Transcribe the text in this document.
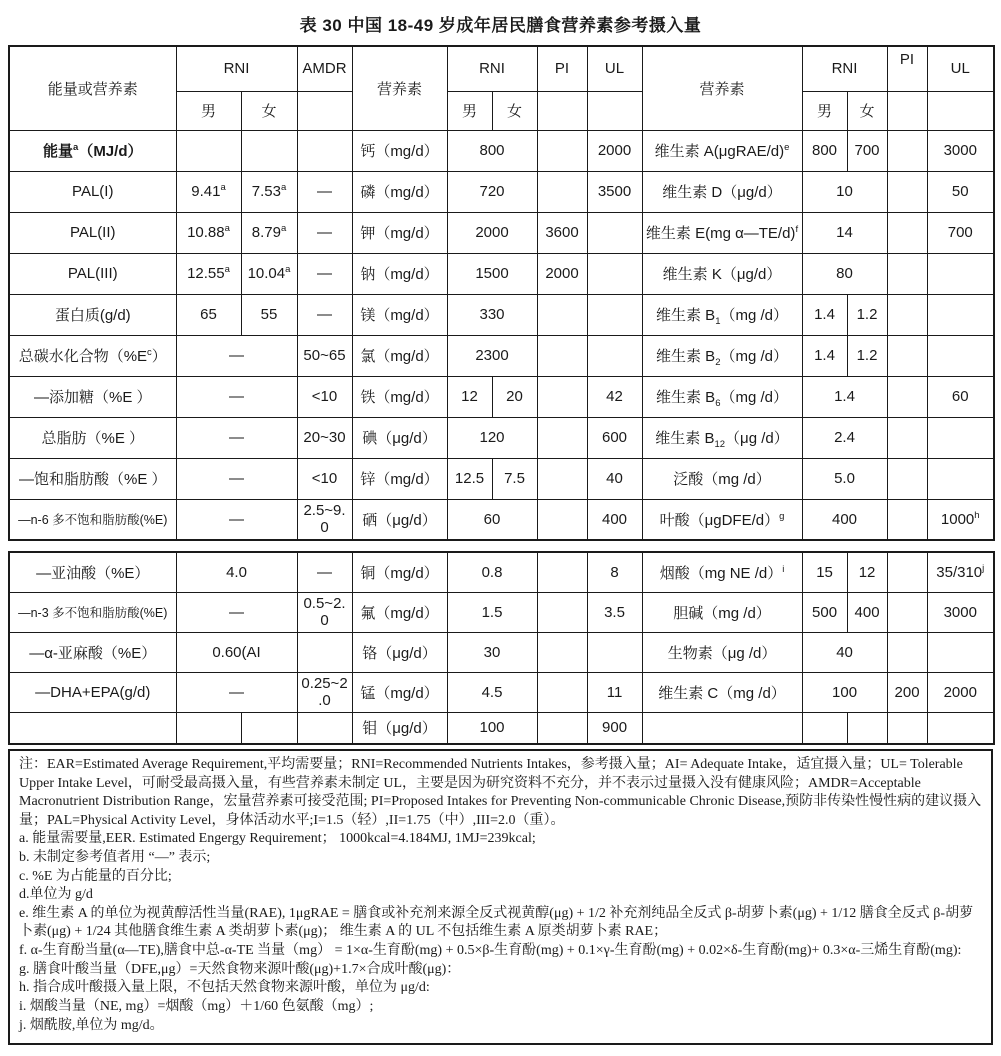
表 30 中国 18-49 岁成年居民膳食营养素参考摄入量
能量或营养素	RNI		AMDR	营养素	RNI		PI	UL	营养素	RNI		PI	UL
	男	女			男	女				男	女		
能量$^a$（MJ/d）				钙（mg/d）	800			2000	维生素 A(μgRAE/d)$^e$	800	700		3000
PAL(I)	9.41$^a$	7.53$^a$	—	磷（mg/d）	720			3500	维生素 D（μg/d）	10			50
PAL(II)	10.88$^a$	8.79$^a$	—	钾（mg/d）	2000		3600		维生素 E(mg α—TE/d)$^f$	14			700
PAL(III)	12.55$^a$	10.04$^a$	—	钠（mg/d）	1500		2000		维生素 K（μg/d）	80			
蛋白质(g/d)	65	55	—	镁（mg/d）	330				维生素 $B_1(mg$ /d）	1.4	1.2		
总碳水化合物$(\%E^c)$	—		50~65	氯（mg/d）	2300				维生素 $B_2(mg$ /d）	1.4	1.2		
—添加糖（%E ）	—		<10	铁（mg/d）	12	20		42	维生素 $B_6(mg$ /d）	1.4			60
总脂肪（%E ）	—		20~30	碘（μg/d）	120			600	维生素 $B_{12}(\mu g$ /d）	2.4			
—饱和脂肪酸（%E ）	—		<10	锌（mg/d）	12.5	7.5		40	泛酸（mg /d）	5.0			
—n-6 多不饱和脂肪酸(%E)	—		2.5~9.0	硒（μg/d）	60			400	叶酸（μgDFE/d）$^g$	400			1000$^h$
—亚油酸（%E）	4.0		—	铜（mg/d）	0.8		8	烟酸（mg NE /d）$^i$	15	12		35/310$^j$
—n-3 多不饱和脂肪酸(%E)	—		0.5~2.0	氟（mg/d）	1.5		3.5	胆碱（mg /d）	500	400		3000
—α-亚麻酸（%E）	0.60(AI			铬（μg/d）	30			生物素（μg /d）	40			
—DHA+EPA(g/d)	—		0.25~2.0	锰（mg/d）	4.5		11	维生素 C（mg /d）	100		200	2000
				钼（μg/d）	100		900					
注：EAR=Estimated Average Requirement,平均需要量；RNI=Recommended Nutrients Intakes，参考摄入量；AI= Adequate Intake，适宜摄入量；UL= Tolerable Upper Intake Level，可耐受最高摄入量，有些营养素未制定 UL，主要是因为研究资料不充分，并不表示过量摄入没有健康风险；AMDR=Acceptable Macronutrient Distribution Range，宏量营养素可接受范围; PI=Proposed Intakes for Preventing Non-communicable Chronic Disease,预防非传染性慢性病的建议摄入量；PAL=Physical Activity Level，身体活动水平;I=1.5（轻）,II=1.75（中）,III=2.0（重）。
a. 能量需要量,EER. Estimated Engergy Requirement； 1000kcal=4.184MJ, 1MJ=239kcal;
b. 未制定参考值者用 “—” 表示;
c. %E 为占能量的百分比;
d.单位为 g/d
e. 维生素 A 的单位为视黄醇活性当量(RAE), 1μgRAE = 膳食或补充剂来源全反式视黄醇(μg) + 1/2 补充剂纯品全反式 β-胡萝卜素(μg) + 1/12 膳食全反式 β-胡萝卜素(μg) + 1/24 其他膳食维生素 A 类胡萝卜素(μg)； 维生素 A 的 UL 不包括维生素 A 原类胡萝卜素 RAE；
f. α-生育酚当量(α—TE),膳食中总-α-TE 当量（mg） = 1×α-生育酚(mg) + 0.5×β-生育酚(mg) + 0.1×γ-生育酚(mg) + 0.02×δ-生育酚(mg)+ 0.3×α-三烯生育酚(mg):
g. 膳食叶酸当量（DFE,μg）=天然食物来源叶酸(μg)+1.7×合成叶酸(μg)：
h. 指合成叶酸摄入量上限，不包括天然食物来源叶酸，单位为 μg/d:
i. 烟酸当量（NE, mg）=烟酸（mg）＋1/60 色氨酸（mg）;
j. 烟酰胺,单位为 mg/d。
